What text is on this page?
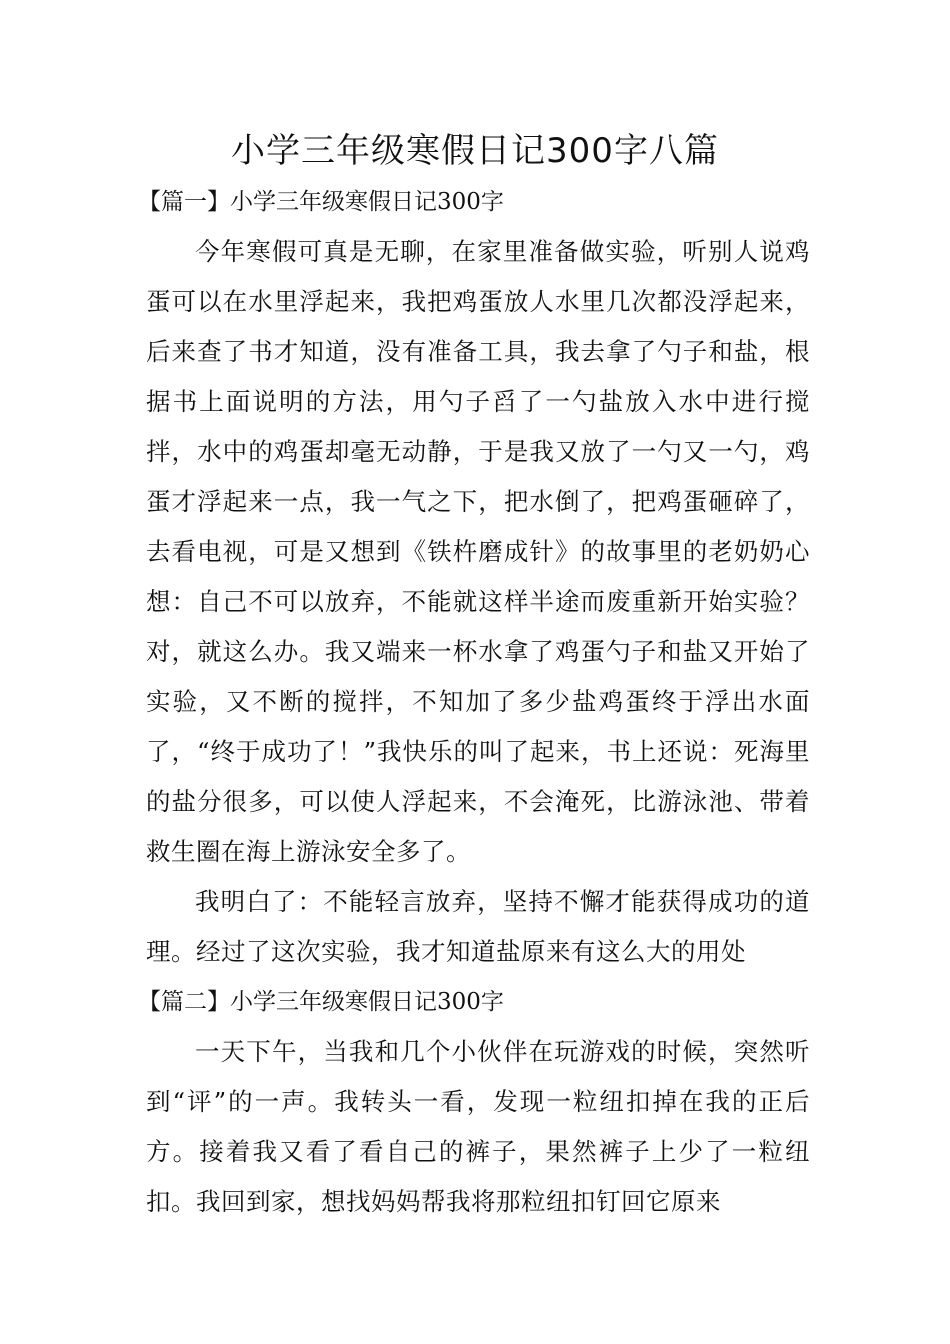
小学三年级寒假日记300字八篇
【篇一】小学三年级寒假日记300字

今年寒假可真是无聊，在家里准备做实验，听别人说鸡蛋可以在水里浮起来，我把鸡蛋放人水里几次都没浮起来，后来查了书才知道，没有准备工具，我去拿了勺子和盐，根据书上面说明的方法，用勺子舀了一勺盐放入水中进行搅拌，水中的鸡蛋却毫无动静，于是我又放了一勺又一勺，鸡蛋才浮起来一点，我一气之下，把水倒了，把鸡蛋砸碎了，去看电视，可是又想到《铁杵磨成针》的故事里的老奶奶心想：自己不可以放弃，不能就这样半途而废重新开始实验？对，就这么办。我又端来一杯水拿了鸡蛋勺子和盐又开始了实验，又不断的搅拌，不知加了多少盐鸡蛋终于浮出水面了，“终于成功了！”我快乐的叫了起来，书上还说：死海里的盐分很多，可以使人浮起来，不会淹死，比游泳池、带着救生圈在海上游泳安全多了。

我明白了：不能轻言放弃，坚持不懈才能获得成功的道理。经过了这次实验，我才知道盐原来有这么大的用处

【篇二】小学三年级寒假日记300字

一天下午，当我和几个小伙伴在玩游戏的时候，突然听到“评”的一声。我转头一看，发现一粒纽扣掉在我的正后方。接着我又看了看自己的裤子，果然裤子上少了一粒纽扣。我回到家，想找妈妈帮我将那粒纽扣钉回它原来
